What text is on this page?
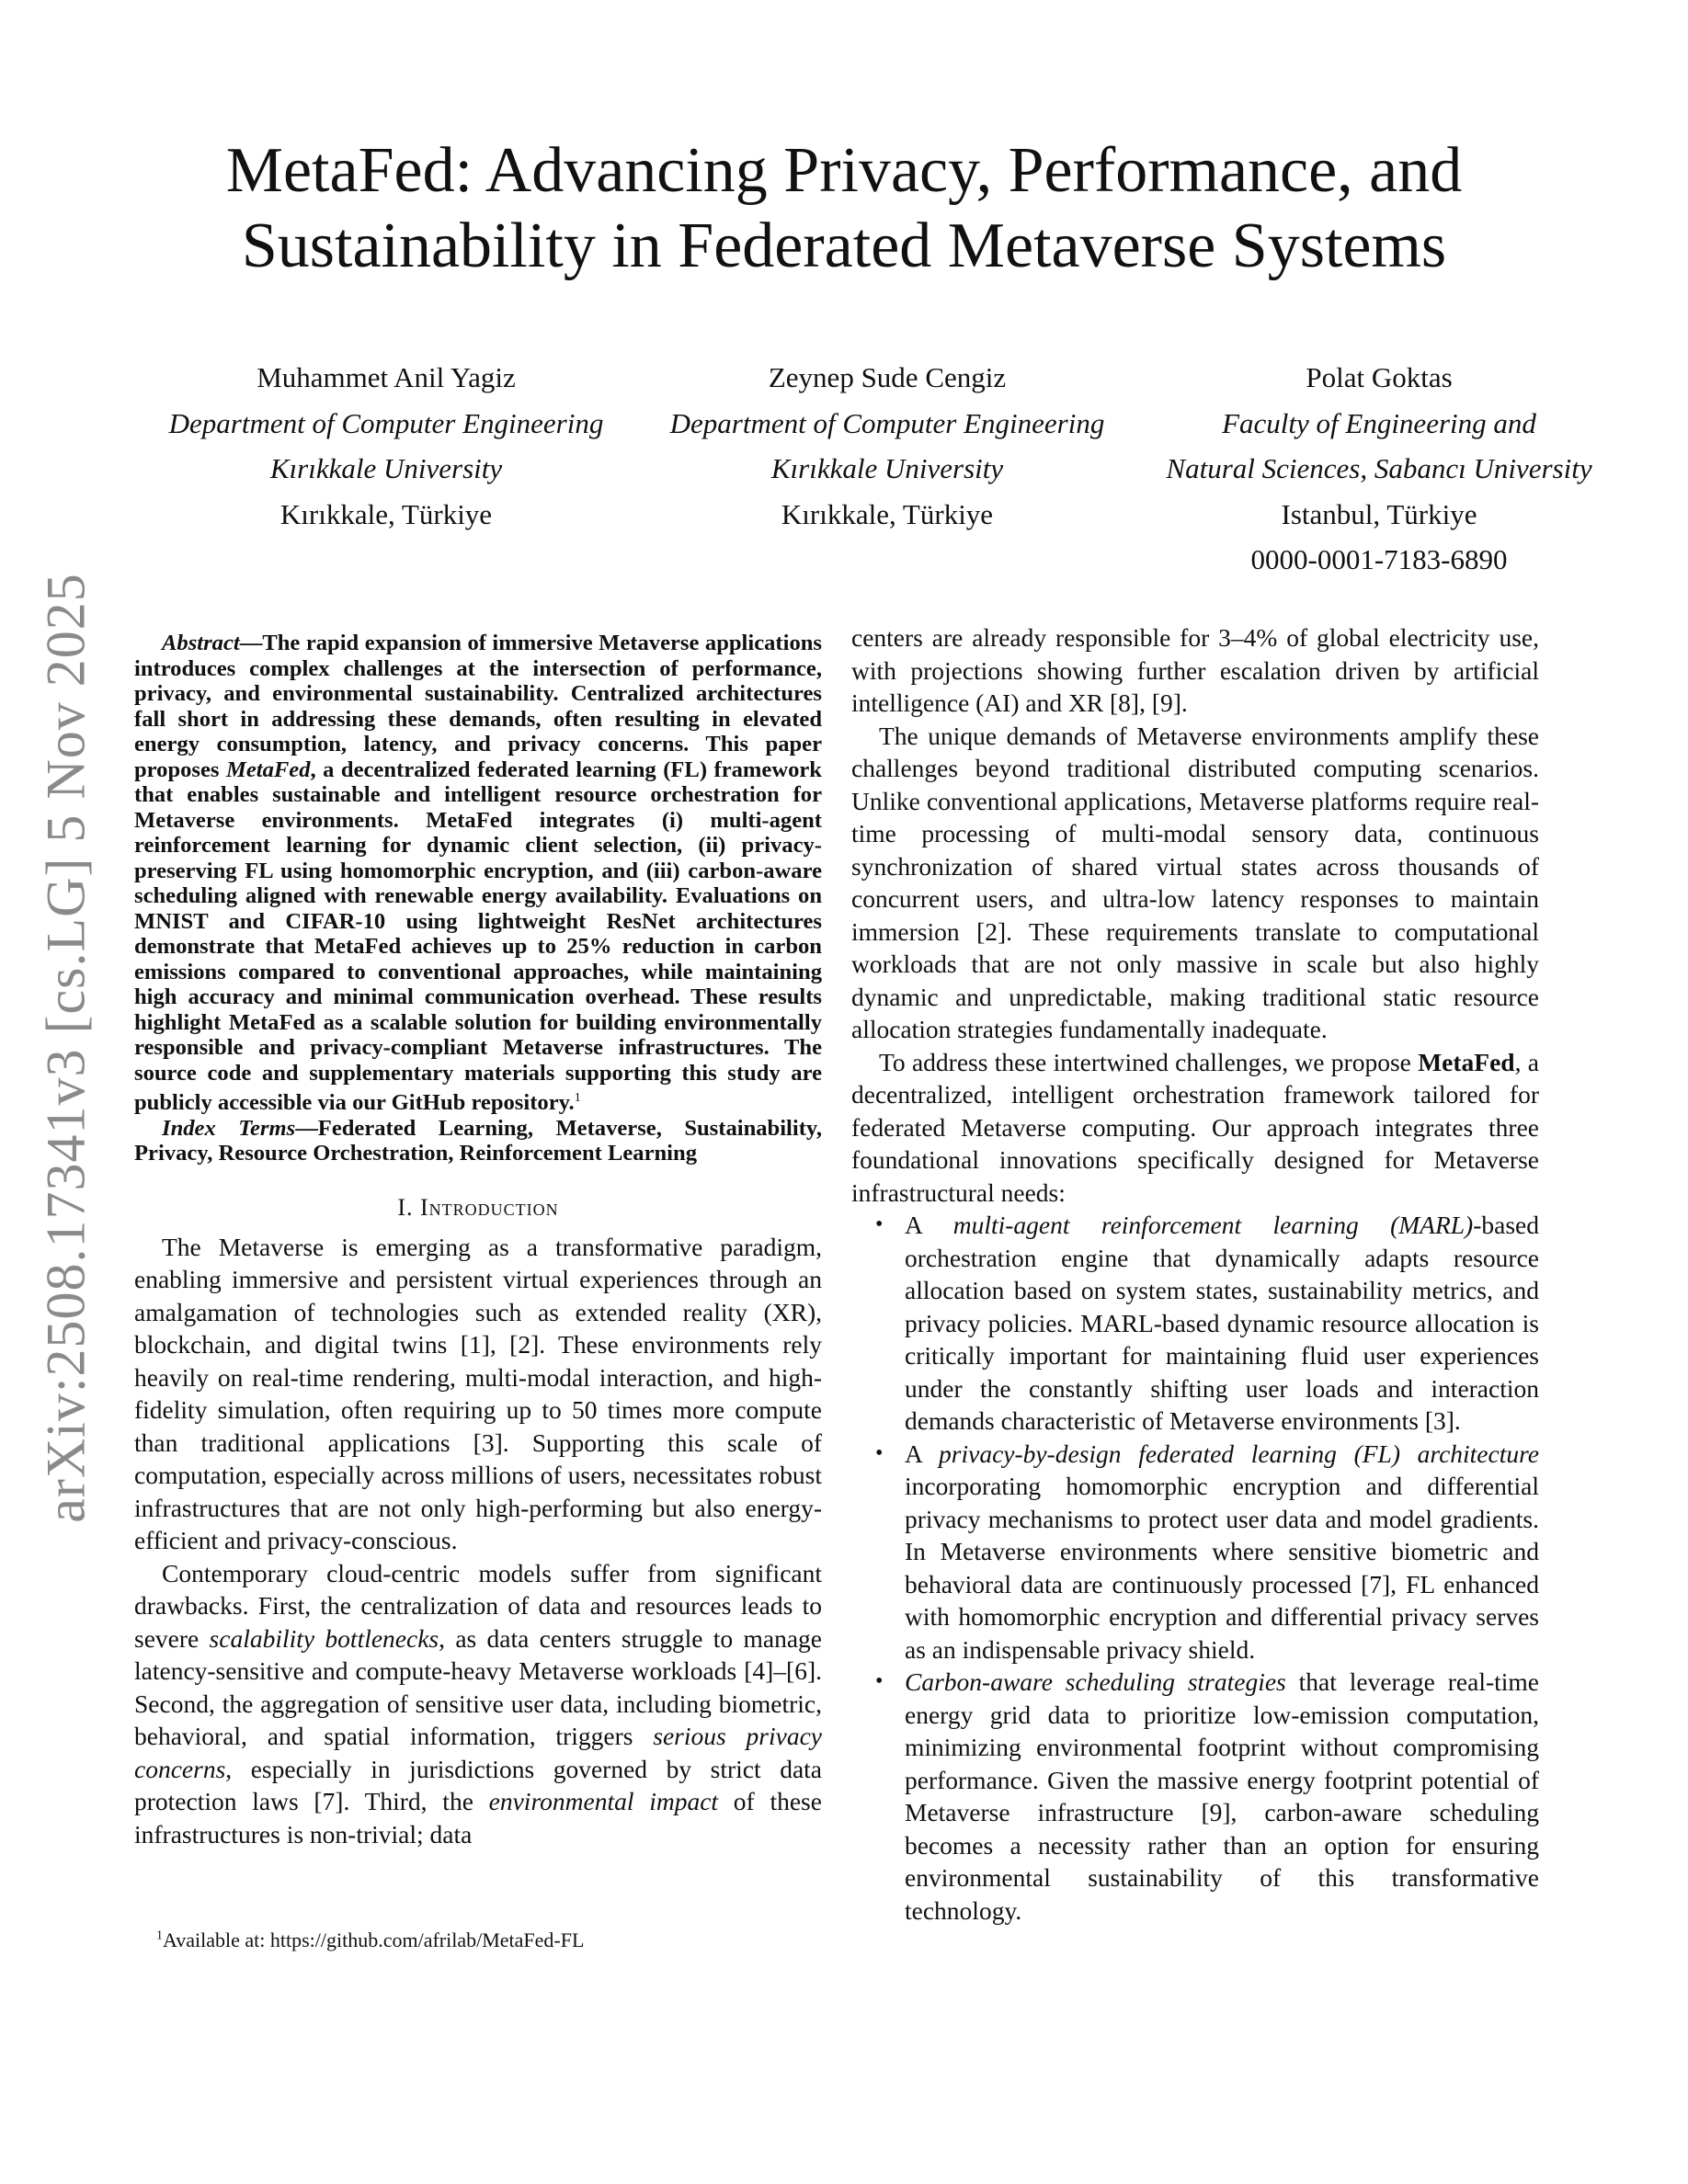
arXiv:2508.17341v3 [cs.LG] 5 Nov 2025
MetaFed: Advancing Privacy, Performance, and
Sustainability in Federated Metaverse Systems
Muhammet Anil Yagiz
Department of Computer Engineering
Kırıkkale University
Kırıkkale, Türkiye
Zeynep Sude Cengiz
Department of Computer Engineering
Kırıkkale University
Kırıkkale, Türkiye
Polat Goktas
Faculty of Engineering and
Natural Sciences, Sabancı University
Istanbul, Türkiye
0000-0001-7183-6890
Abstract—The rapid expansion of immersive Metaverse applications introduces complex challenges at the intersection of performance, privacy, and environmental sustainability. Centralized architectures fall short in addressing these demands, often resulting in elevated energy consumption, latency, and privacy concerns. This paper proposes MetaFed, a decentralized federated learning (FL) framework that enables sustainable and intelligent resource orchestration for Metaverse environments. MetaFed integrates (i) multi-agent reinforcement learning for dynamic client selection, (ii) privacy-preserving FL using homomorphic encryption, and (iii) carbon-aware scheduling aligned with renewable energy availability. Evaluations on MNIST and CIFAR-10 using lightweight ResNet architectures demonstrate that MetaFed achieves up to 25% reduction in carbon emissions compared to conventional approaches, while maintaining high accuracy and minimal communication overhead. These results highlight MetaFed as a scalable solution for building environmentally responsible and privacy-compliant Metaverse infrastructures. The source code and supplementary materials supporting this study are publicly accessible via our GitHub repository.$^1$
Index Terms—Federated Learning, Metaverse, Sustainability, Privacy, Resource Orchestration, Reinforcement Learning
I. Introduction

The Metaverse is emerging as a transformative paradigm, enabling immersive and persistent virtual experiences through an amalgamation of technologies such as extended reality (XR), blockchain, and digital twins [1], [2]. These environments rely heavily on real-time rendering, multi-modal interaction, and high-fidelity simulation, often requiring up to 50 times more compute than traditional applications [3]. Supporting this scale of computation, especially across millions of users, necessitates robust infrastructures that are not only high-performing but also energy-efficient and privacy-conscious.

Contemporary cloud-centric models suffer from significant drawbacks. First, the centralization of data and resources leads to severe scalability bottlenecks, as data centers struggle to manage latency-sensitive and compute-heavy Metaverse workloads [4]–[6]. Second, the aggregation of sensitive user data, including biometric, behavioral, and spatial information, triggers serious privacy concerns, especially in jurisdictions governed by strict data protection laws [7]. Third, the environmental impact of these infrastructures is non-trivial; data

$^1$Available at: https://github.com/afrilab/MetaFed-FL

centers are already responsible for 3–4% of global electricity use, with projections showing further escalation driven by artificial intelligence (AI) and XR [8], [9].

The unique demands of Metaverse environments amplify these challenges beyond traditional distributed computing scenarios. Unlike conventional applications, Metaverse platforms require real-time processing of multi-modal sensory data, continuous synchronization of shared virtual states across thousands of concurrent users, and ultra-low latency responses to maintain immersion [2]. These requirements translate to computational workloads that are not only massive in scale but also highly dynamic and unpredictable, making traditional static resource allocation strategies fundamentally inadequate.

To address these intertwined challenges, we propose MetaFed, a decentralized, intelligent orchestration framework tailored for federated Metaverse computing. Our approach integrates three foundational innovations specifically designed for Metaverse infrastructural needs:

• A multi-agent reinforcement learning (MARL)-based orchestration engine that dynamically adapts resource allocation based on system states, sustainability metrics, and privacy policies. MARL-based dynamic resource allocation is critically important for maintaining fluid user experiences under the constantly shifting user loads and interaction demands characteristic of Metaverse environments [3].
• A privacy-by-design federated learning (FL) architecture incorporating homomorphic encryption and differential privacy mechanisms to protect user data and model gradients. In Metaverse environments where sensitive biometric and behavioral data are continuously processed [7], FL enhanced with homomorphic encryption and differential privacy serves as an indispensable privacy shield.
• Carbon-aware scheduling strategies that leverage real-time energy grid data to prioritize low-emission computation, minimizing environmental footprint without compromising performance. Given the massive energy footprint potential of Metaverse infrastructure [9], carbon-aware scheduling becomes a necessity rather than an option for ensuring environmental sustainability of this transformative technology.
